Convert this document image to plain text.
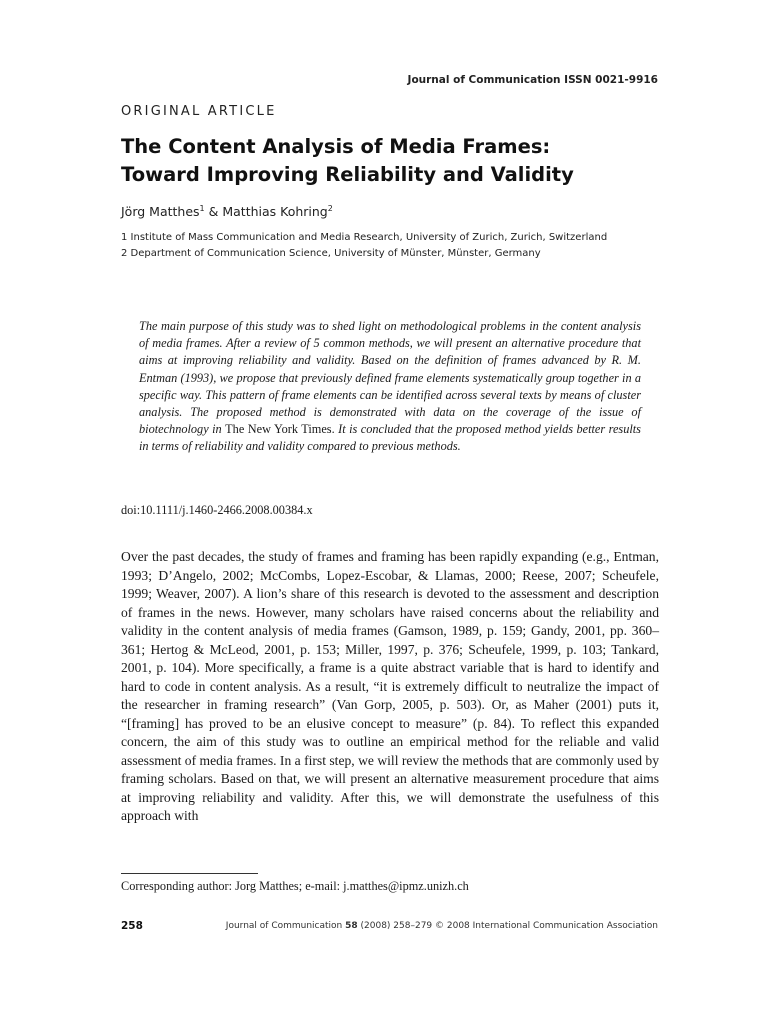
Journal of Communication ISSN 0021-9916
ORIGINAL ARTICLE
The Content Analysis of Media Frames:
Toward Improving Reliability and Validity
Jörg Matthes$^1$ & Matthias Kohring$^2$
1 Institute of Mass Communication and Media Research, University of Zurich, Zurich, Switzerland
2 Department of Communication Science, University of Münster, Münster, Germany

The main purpose of this study was to shed light on methodological problems in the content analysis of media frames. After a review of 5 common methods, we will present an alternative procedure that aims at improving reliability and validity. Based on the definition of frames advanced by R. M. Entman (1993), we propose that previously defined frame elements systematically group together in a specific way. This pattern of frame elements can be identified across several texts by means of cluster analysis. The proposed method is demonstrated with data on the coverage of the issue of biotechnology in The New York Times. It is concluded that the proposed method yields better results in terms of reliability and validity compared to previous methods.

doi:10.1111/j.1460-2466.2008.00384.x

Over the past decades, the study of frames and framing has been rapidly expanding (e.g., Entman, 1993; D’Angelo, 2002; McCombs, Lopez-Escobar, & Llamas, 2000; Reese, 2007; Scheufele, 1999; Weaver, 2007). A lion’s share of this research is devoted to the assessment and description of frames in the news. However, many scholars have raised concerns about the reliability and validity in the content analysis of media frames (Gamson, 1989, p. 159; Gandy, 2001, pp. 360–361; Hertog & McLeod, 2001, p. 153; Miller, 1997, p. 376; Scheufele, 1999, p. 103; Tankard, 2001, p. 104). More specifically, a frame is a quite abstract variable that is hard to identify and hard to code in content analysis. As a result, “it is extremely difficult to neutralize the impact of the researcher in framing research” (Van Gorp, 2005, p. 503). Or, as Maher (2001) puts it, “[framing] has proved to be an elusive concept to measure” (p. 84). To reflect this expanded concern, the aim of this study was to outline an empirical method for the reliable and valid assessment of media frames. In a first step, we will review the methods that are commonly used by framing scholars. Based on that, we will present an alternative measurement procedure that aims at improving reliability and validity. After this, we will demonstrate the usefulness of this approach with

Corresponding author: Jorg Matthes; e-mail: j.matthes@ipmz.unizh.ch
258	Journal of Communication 58 (2008) 258–279 © 2008 International Communication Association
